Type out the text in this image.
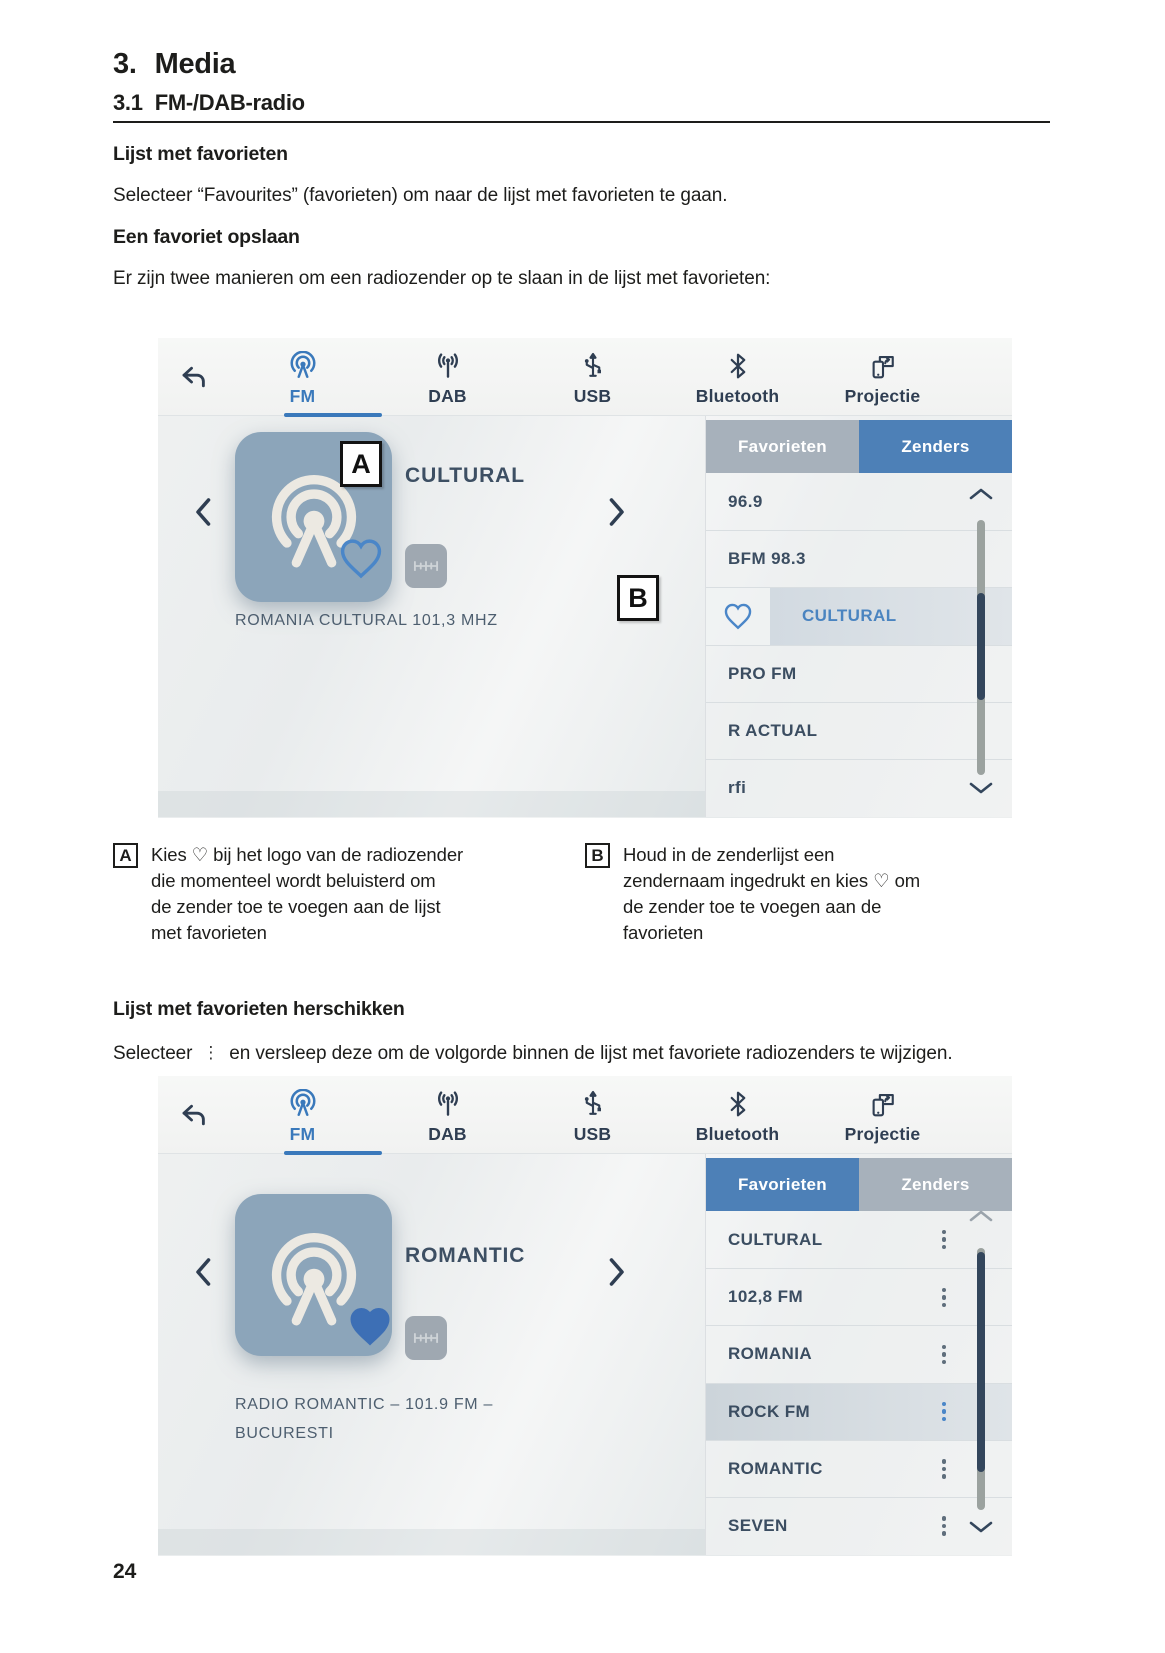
3. Media
3.1 FM-/DAB-radio
Lijst met favorieten
Selecteer “Favourites” (favorieten) om naar de lijst met favorieten te gaan.
Een favoriet opslaan
Er zijn twee manieren om een radiozender op te slaan in de lijst met favorieten:
FM	DAB	USB	Bluetooth	Projectie
A	CULTURAL
ROMANIA CULTURAL 101,3 MHZ
B
Favorieten	Zenders
96.9
BFM 98.3
CULTURAL
PRO FM
R ACTUAL
rfi
A	Kies ♡ bij het logo van de radiozender
die momenteel wordt beluisterd om
de zender toe te voegen aan de lijst
met favorieten
B	Houd in de zenderlijst een
zendernaam ingedrukt en kies ♡ om
de zender toe te voegen aan de
favorieten
Lijst met favorieten herschikken
Selecteer ⋮ en versleep deze om de volgorde binnen de lijst met favoriete radiozenders te wijzigen.
FM	DAB	USB	Bluetooth	Projectie
ROMANTIC
RADIO ROMANTIC – 101.9 FM –
BUCURESTI
Favorieten	Zenders
CULTURAL
102,8 FM
ROMANIA
ROCK FM
ROMANTIC
SEVEN
24
